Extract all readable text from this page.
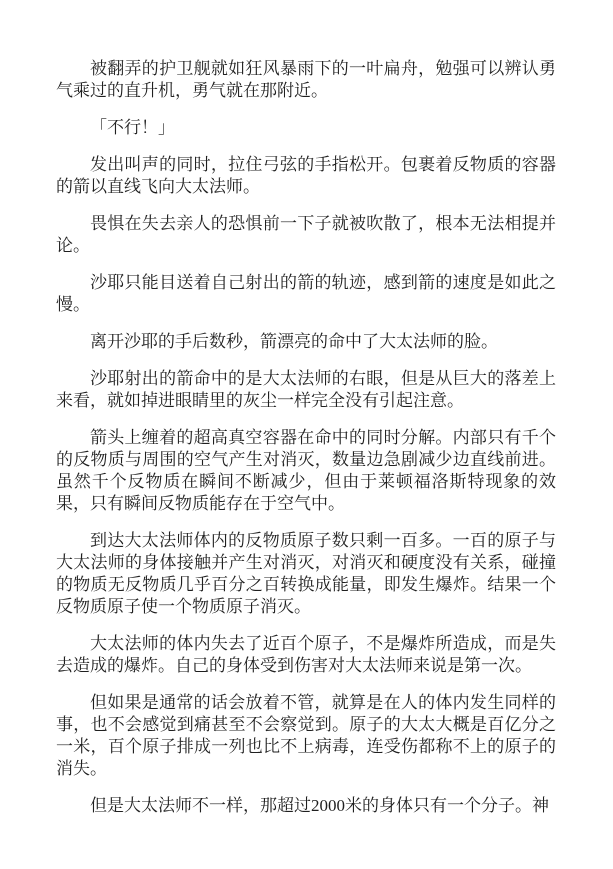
被翻弄的护卫舰就如狂风暴雨下的一叶扁舟，勉强可以辨认勇气乘过的直升机，勇气就在那附近。

「不行！」

发出叫声的同时，拉住弓弦的手指松开。包裹着反物质的容器的箭以直线飞向大太法师。

畏惧在失去亲人的恐惧前一下子就被吹散了，根本无法相提并论。

沙耶只能目送着自己射出的箭的轨迹，感到箭的速度是如此之慢。

离开沙耶的手后数秒，箭漂亮的命中了大太法师的脸。

沙耶射出的箭命中的是大太法师的右眼，但是从巨大的落差上来看，就如掉进眼睛里的灰尘一样完全没有引起注意。

箭头上缠着的超高真空容器在命中的同时分解。内部只有千个的反物质与周围的空气产生对消灭，数量边急剧减少边直线前进。虽然千个反物质在瞬间不断减少，但由于莱顿福洛斯特现象的效果，只有瞬间反物质能存在于空气中。

到达大太法师体内的反物质原子数只剩一百多。一百的原子与大太法师的身体接触并产生对消灭，对消灭和硬度没有关系，碰撞的物质无反物质几乎百分之百转换成能量，即发生爆炸。结果一个反物质原子使一个物质原子消灭。

大太法师的体内失去了近百个原子，不是爆炸所造成，而是失去造成的爆炸。自己的身体受到伤害对大太法师来说是第一次。

但如果是通常的话会放着不管，就算是在人的体内发生同样的事，也不会感觉到痛甚至不会察觉到。原子的大太大概是百亿分之一米，百个原子排成一列也比不上病毒，连受伤都称不上的原子的消失。

但是大太法师不一样，那超过2000米的身体只有一个分子。神
